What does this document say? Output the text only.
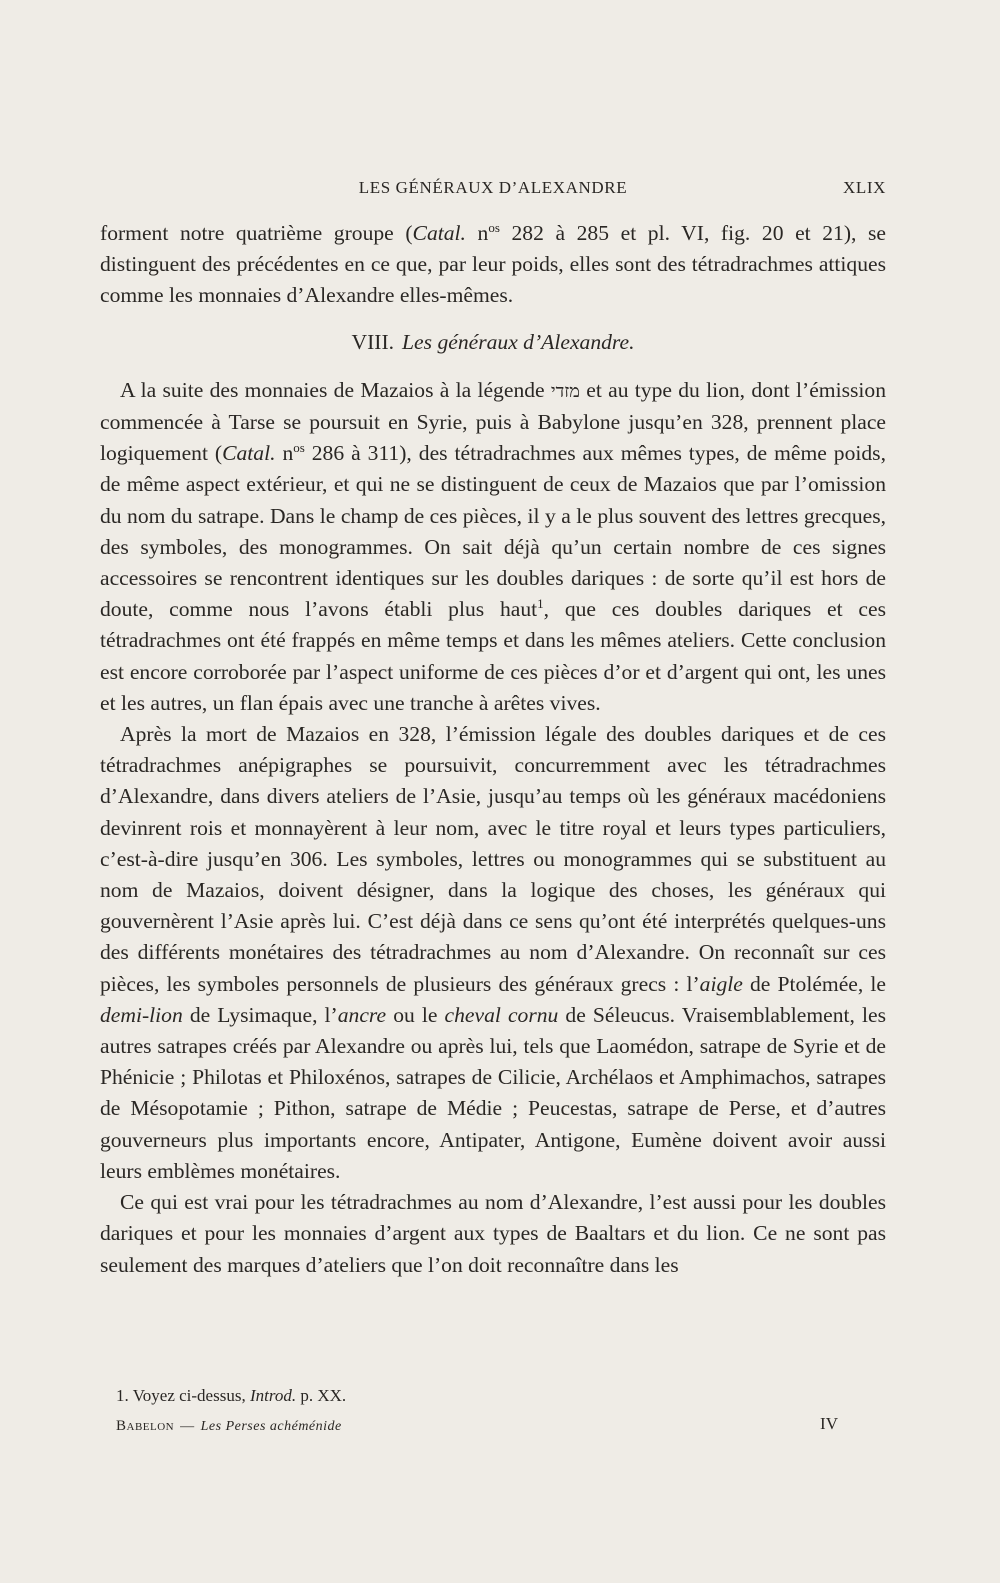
LES GÉNÉRAUX D’ALEXANDRE	XLIX

forment notre quatrième groupe (Catal. $n^{os}$ 282 à 285 et pl. VI, fig. 20 et 21), se distinguent des précédentes en ce que, par leur poids, elles sont des tétradrachmes attiques comme les monnaies d’Alexandre elles-mêmes.

VIII. Les généraux d’Alexandre.

A la suite des monnaies de Mazaios à la légende מזדי et au type du lion, dont l’émission commencée à Tarse se poursuit en Syrie, puis à Babylone jusqu’en 328, prennent place logiquement (Catal. $n^{os}$ 286 à 311), des tétradrachmes aux mêmes types, de même poids, de même aspect extérieur, et qui ne se distinguent de ceux de Mazaios que par l’omission du nom du satrape. Dans le champ de ces pièces, il y a le plus souvent des lettres grecques, des symboles, des monogrammes. On sait déjà qu’un certain nombre de ces signes accessoires se rencontrent identiques sur les doubles dariques : de sorte qu’il est hors de doute, comme nous l’avons établi plus haut$^1$, que ces doubles dariques et ces tétradrachmes ont été frappés en même temps et dans les mêmes ateliers. Cette conclusion est encore corroborée par l’aspect uniforme de ces pièces d’or et d’argent qui ont, les unes et les autres, un flan épais avec une tranche à arêtes vives.

Après la mort de Mazaios en 328, l’émission légale des doubles dariques et de ces tétradrachmes anépigraphes se poursuivit, concurremment avec les tétradrachmes d’Alexandre, dans divers ateliers de l’Asie, jusqu’au temps où les généraux macédoniens devinrent rois et monnayèrent à leur nom, avec le titre royal et leurs types particuliers, c’est-à-dire jusqu’en 306. Les symboles, lettres ou monogrammes qui se substituent au nom de Mazaios, doivent désigner, dans la logique des choses, les généraux qui gouvernèrent l’Asie après lui. C’est déjà dans ce sens qu’ont été interprétés quelques-uns des différents monétaires des tétradrachmes au nom d’Alexandre. On reconnaît sur ces pièces, les symboles personnels de plusieurs des généraux grecs : l’aigle de Ptolémée, le demi-lion de Lysimaque, l’ancre ou le cheval cornu de Séleucus. Vraisemblablement, les autres satrapes créés par Alexandre ou après lui, tels que Laomédon, satrape de Syrie et de Phénicie ; Philotas et Philoxénos, satrapes de Cilicie, Archélaos et Amphimachos, satrapes de Mésopotamie ; Pithon, satrape de Médie ; Peucestas, satrape de Perse, et d’autres gouverneurs plus importants encore, Antipater, Antigone, Eumène doivent avoir aussi leurs emblèmes monétaires.

Ce qui est vrai pour les tétradrachmes au nom d’Alexandre, l’est aussi pour les doubles dariques et pour les monnaies d’argent aux types de Baaltars et du lion. Ce ne sont pas seulement des marques d’ateliers que l’on doit reconnaître dans les

1. Voyez ci-dessus, Introd. p. XX.
Babelon — Les Perses achéménide	IV
